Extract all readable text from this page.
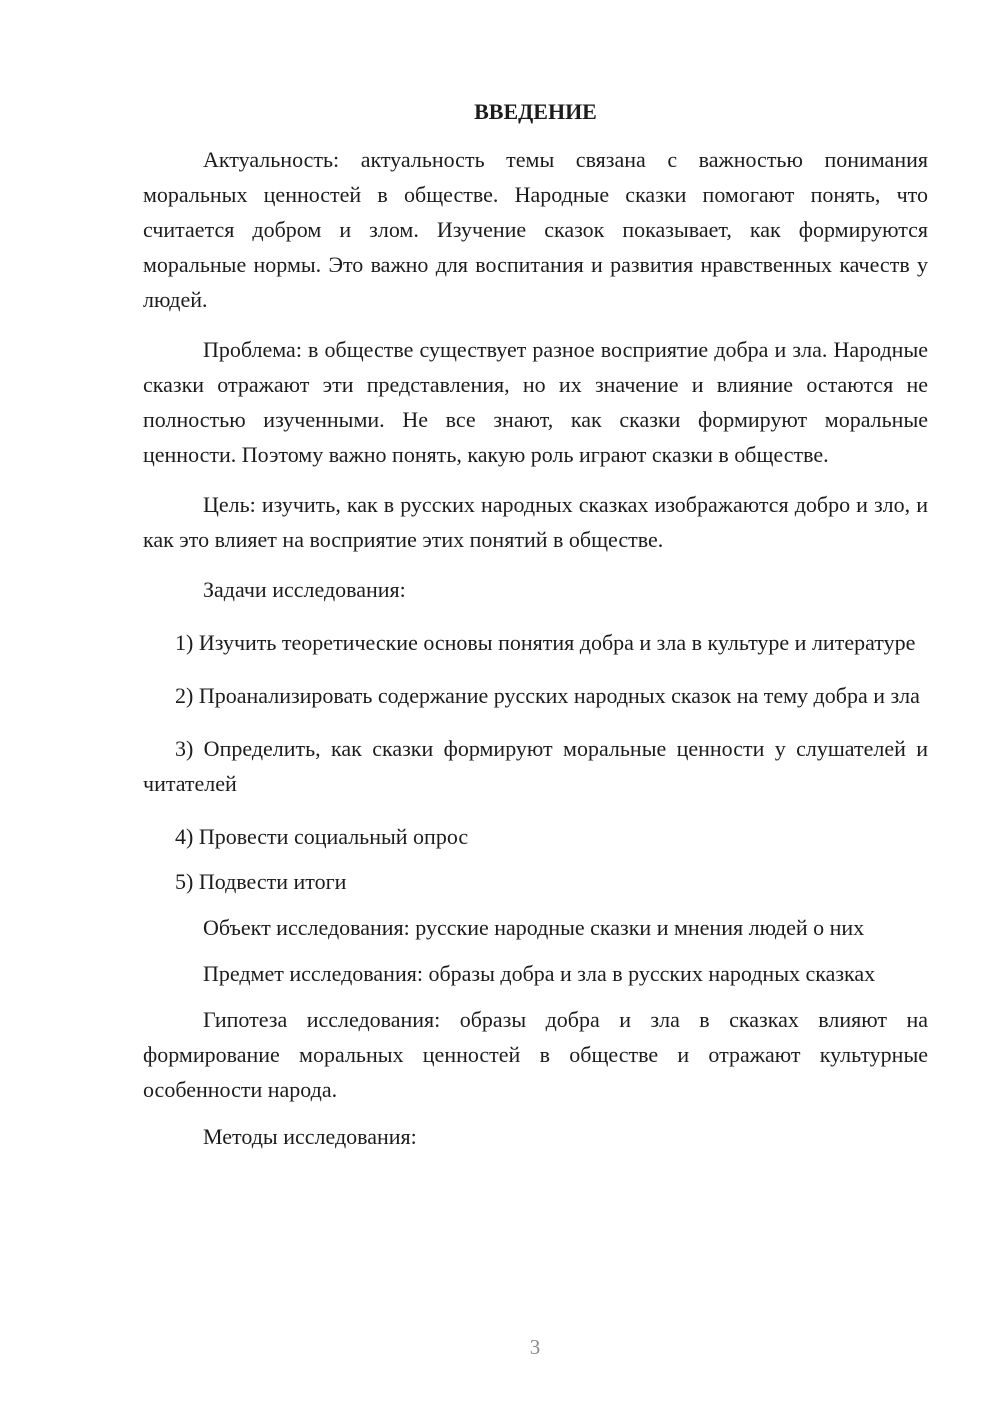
ВВЕДЕНИЕ

Актуальность: актуальность темы связана с важностью понимания моральных ценностей в обществе. Народные сказки помогают понять, что считается добром и злом. Изучение сказок показывает, как формируются моральные нормы. Это важно для воспитания и развития нравственных качеств у людей.

Проблема: в обществе существует разное восприятие добра и зла. Народные сказки отражают эти представления, но их значение и влияние остаются не полностью изученными. Не все знают, как сказки формируют моральные ценности. Поэтому важно понять, какую роль играют сказки в обществе.

Цель: изучить, как в русских народных сказках изображаются добро и зло, и как это влияет на восприятие этих понятий в обществе.

Задачи исследования:

1) Изучить теоретические основы понятия добра и зла в культуре и литературе

2) Проанализировать содержание русских народных сказок на тему добра и зла

3) Определить, как сказки формируют моральные ценности у слушателей и читателей

4) Провести социальный опрос

5) Подвести итоги

Объект исследования: русские народные сказки и мнения людей о них

Предмет исследования: образы добра и зла в русских народных сказках

Гипотеза исследования: образы добра и зла в сказках влияют на формирование моральных ценностей в обществе и отражают культурные особенности народа.

Методы исследования:

3
